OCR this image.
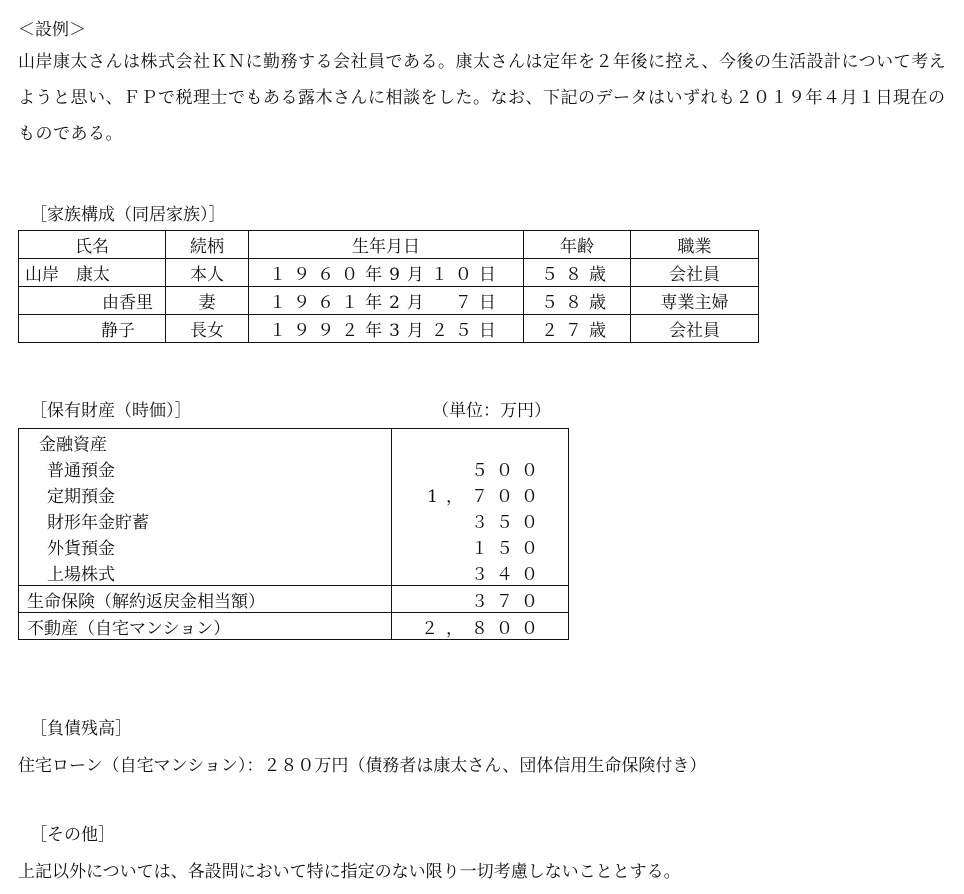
＜設例＞
山岸康太さんは株式会社ＫＮに勤務する会社員である。康太さんは定年を２年後に控え、今後の生活設計について考えようと思い、ＦＰで税理士でもある露木さんに相談をした。なお、下記のデータはいずれも２０１９年４月１日現在のものである。
［家族構成（同居家族）］
氏名	続柄	生年月日	年齢	職業
山岸　康太	本人	１９６０年9月１０日	５８歳	会社員
由香里	妻	１９６１年2月　７日	５８歳	専業主婦
静子	長女	１９９２年3月２５日	２７歳	会社員
［保有財産（時価）］	（単位：万円）
金融資産	
普通預金	５００
定期預金	1，７００
財形年金貯蓄	３５０
外貨預金	１５０
上場株式	３４０
生命保険（解約返戻金相当額）	３７０
不動産（自宅マンション）	２，８００
［負債残高］
住宅ローン（自宅マンション）：２８０万円（債務者は康太さん、団体信用生命保険付き）
［その他］
上記以外については、各設問において特に指定のない限り一切考慮しないこととする。
